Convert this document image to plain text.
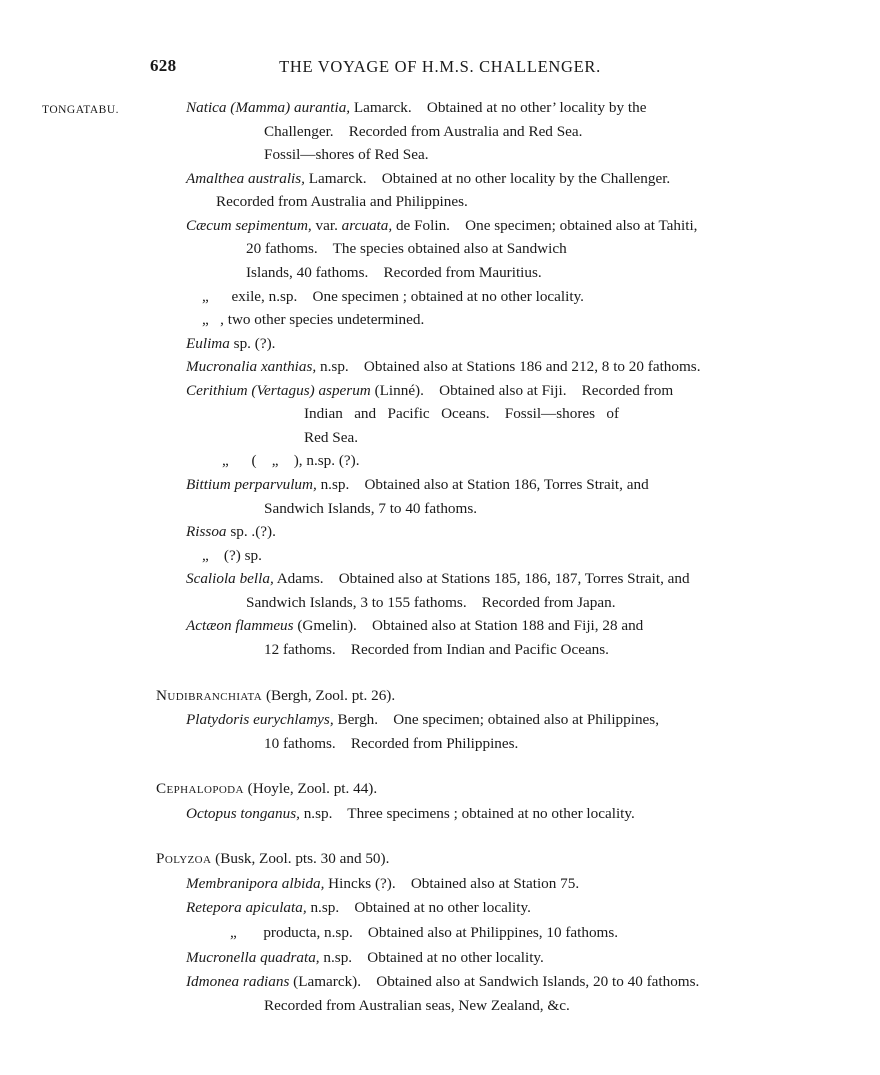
628	THE VOYAGE OF H.M.S. CHALLENGER.
TONGATABU.	Natica (Mamma) aurantia, Lamarck.    Obtained at no other’ locality by the
Challenger.    Recorded from Australia and Red Sea.
Fossil—shores of Red Sea.
Amalthea australis, Lamarck.    Obtained at no other locality by the Challenger.
Recorded from Australia and Philippines.
Cæcum sepimentum, var. arcuata, de Folin.    One specimen; obtained also at Tahiti,
20 fathoms.    The species obtained also at Sandwich
Islands, 40 fathoms.    Recorded from Mauritius.
„      exile, n.sp.    One specimen ; obtained at no other locality.
„   , two other species undetermined.
Eulima sp. (?).
Mucronalia xanthias, n.sp.    Obtained also at Stations 186 and 212, 8 to 20 fathoms.
Cerithium (Vertagus) asperum (Linné).    Obtained also at Fiji.    Recorded from
Indian   and   Pacific   Oceans.    Fossil—shores   of
Red Sea.
„      (    „    ), n.sp. (?).
Bittium perparvulum, n.sp.    Obtained also at Station 186, Torres Strait, and
Sandwich Islands, 7 to 40 fathoms.
Rissoa sp. .(?).
„    (?) sp.
Scaliola bella, Adams.    Obtained also at Stations 185, 186, 187, Torres Strait, and
Sandwich Islands, 3 to 155 fathoms.    Recorded from Japan.
Actæon flammeus (Gmelin).    Obtained also at Station 188 and Fiji, 28 and
12 fathoms.    Recorded from Indian and Pacific Oceans.
Nudibranchiata (Bergh, Zool. pt. 26).
Platydoris eurychlamys, Bergh.    One specimen; obtained also at Philippines,
10 fathoms.    Recorded from Philippines.
Cephalopoda (Hoyle, Zool. pt. 44).
Octopus tonganus, n.sp.    Three specimens ; obtained at no other locality.
Polyzoa (Busk, Zool. pts. 30 and 50).
Membranipora albida, Hincks (?).    Obtained also at Station 75.
Retepora apiculata, n.sp.    Obtained at no other locality.
„       producta, n.sp.    Obtained also at Philippines, 10 fathoms.
Mucronella quadrata, n.sp.    Obtained at no other locality.
Idmonea radians (Lamarck).    Obtained also at Sandwich Islands, 20 to 40 fathoms.
Recorded from Australian seas, New Zealand, &c.
